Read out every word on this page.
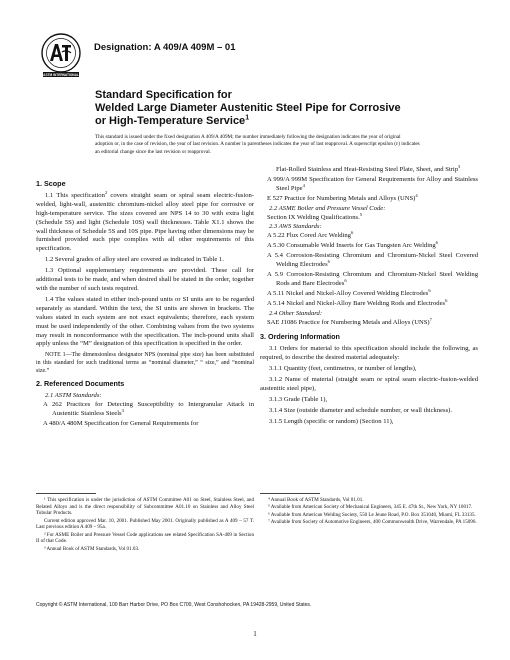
ASTM INTERNATIONAL
Designation: A 409/A 409M – 01
Standard Specification for
Welded Large Diameter Austenitic Steel Pipe for Corrosive
or High-Temperature Service$^1$
This standard is issued under the fixed designation A 409/A 409M; the number immediately following the designation indicates the year of original adoption or, in the case of revision, the year of last revision. A number in parentheses indicates the year of last reapproval. A superscript epsilon (ε) indicates an editorial change since the last revision or reapproval.
1. Scope

1.1 This specification$^2$ covers straight seam or spiral seam electric-fusion-welded, light-wall, austenitic chromium-nickel alloy steel pipe for corrosive or high-temperature service. The sizes covered are NPS 14 to 30 with extra light (Schedule 5S) and light (Schedule 10S) wall thicknesses. Table X1.1 shows the wall thickness of Schedule 5S and 10S pipe. Pipe having other dimensions may be furnished provided such pipe complies with all other requirements of this specification.

1.2 Several grades of alloy steel are covered as indicated in Table 1.

1.3 Optional supplementary requirements are provided. These call for additional tests to be made, and when desired shall be stated in the order, together with the number of such tests required.

1.4 The values stated in either inch-pound units or SI units are to be regarded separately as standard. Within the text, the SI units are shown in brackets. The values stated in each system are not exact equivalents; therefore, each system must be used independently of the other. Combining values from the two systems may result in nonconformance with the specification. The inch-pound units shall apply unless the “M” designation of this specification is specified in the order.

NOTE 1—The dimensionless designator NPS (nominal pipe size) has been substituted in this standard for such traditional terms as “nominal diameter,” “ size,” and “nominal size.”

2. Referenced Documents

2.1 ASTM Standards:

A 262 Practices for Detecting Susceptibility to Intergranular Attack in Austenitic Stainless Steels$^3$

A 480/A 480M Specification for General Requirements for

Flat-Rolled Stainless and Heat-Resisting Steel Plate, Sheet, and Strip$^3$

A 999/A 999M Specification for General Requirements for Alloy and Stainless Steel Pipe$^4$

E 527 Practice for Numbering Metals and Alloys (UNS)$^4$

2.2 ASME Boiler and Pressure Vessel Code:

Section IX Welding Qualifications.$^5$

2.3 AWS Standards:

A 5.22 Flux Cored Arc Welding$^6$

A 5.30 Consumable Weld Inserts for Gas Tungsten Arc Welding$^6$

A 5.4 Corrosion-Resisting Chromium and Chromium-Nickel Steel Covered Welding Electrodes$^6$

A 5.9 Corrosion-Resisting Chromium and Chromium-Nickel Steel Welding Rods and Bare Electrodes$^6$

A 5.11 Nickel and Nickel-Alloy Covered Welding Electrodes$^6$

A 5.14 Nickel and Nickel-Alloy Bare Welding Rods and Electrodes$^6$

2.4 Other Standard:

SAE J1086 Practice for Numbering Metals and Alloys (UNS)$^7$

3. Ordering Information

3.1 Orders for material to this specification should include the following, as required, to describe the desired material adequately:

3.1.1 Quantity (feet, centimetres, or number of lengths),

3.1.2 Name of material (straight seam or spiral seam electric-fusion-welded austenitic steel pipe),

3.1.3 Grade (Table 1),

3.1.4 Size (outside diameter and schedule number, or wall thickness).

3.1.5 Length (specific or random) (Section 11),

¹ This specification is under the jurisdiction of ASTM Committee A01 on Steel, Stainless Steel, and Related Alloys and is the direct responsibility of Subcommittee A01.10 on Stainless and Alloy Steel Tubular Products.

Current edition approved Mar. 10, 2001. Published May 2001. Originally published as A 409 – 57 T. Last previous edition A 409 – 95a.

² For ASME Boiler and Pressure Vessel Code applications see related Specification SA-409 in Section II of that Code.

³ Annual Book of ASTM Standards, Vol 01.03.

⁴ Annual Book of ASTM Standards, Vol 01.01.

⁵ Available from American Society of Mechanical Engineers, 345 E. 47th St., New York, NY 10017.

⁶ Available from American Welding Society, 550 Le Jeune Road, P.O. Box 351040, Miami, FL 33135.

⁷ Available from Society of Automotive Engineers, 400 Commonwealth Drive, Warrendale, PA 15096.

Copyright © ASTM International, 100 Barr Harbor Drive, PO Box C700, West Conshohocken, PA 19428-2959, United States.
1
